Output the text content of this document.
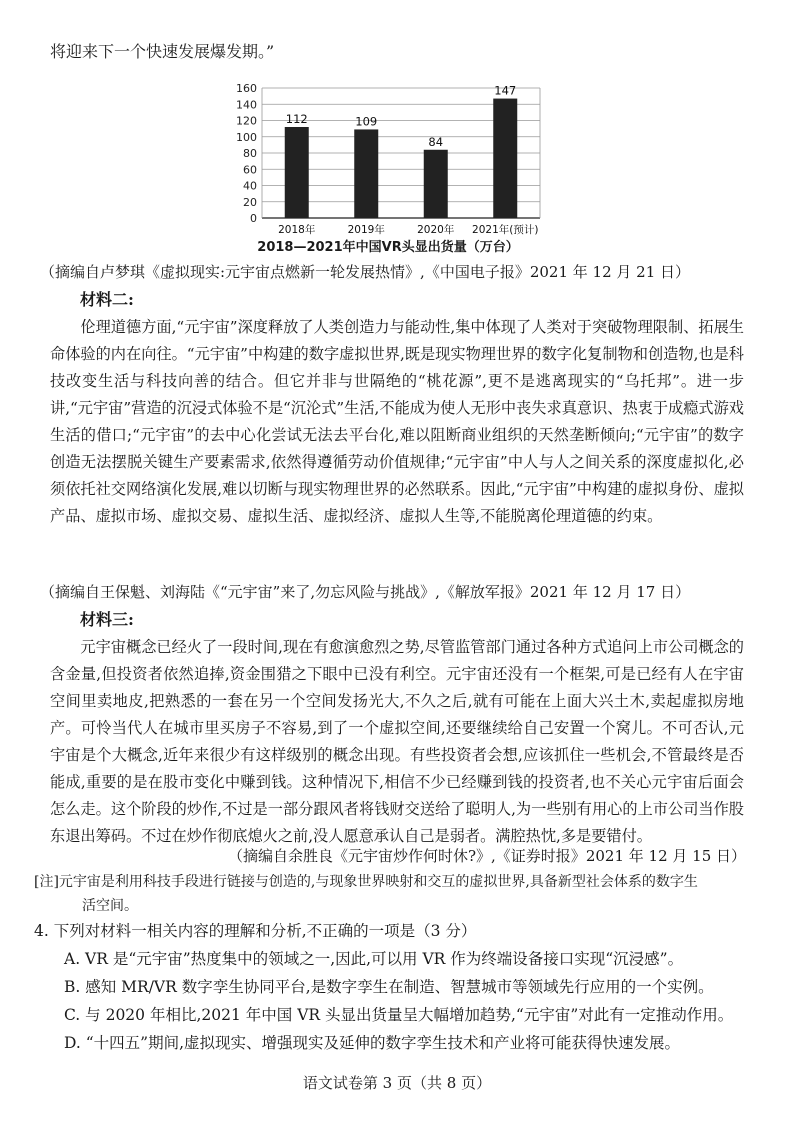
将迎来下一个快速发展爆发期。”
0
20
40
60
80
100
120
140
160
112
2018年
109
2019年
84
2020年
147
2021年(预计)
2018—2021年中国VR头显出货量（万台）
（摘编自卢梦琪《虚拟现实:元宇宙点燃新一轮发展热情》,《中国电子报》2021 年 12 月 21 日）
材料二:

伦理道德方面,“元宇宙”深度释放了人类创造力与能动性,集中体现了人类对于突破物理限制、拓展生命体验的内在向往。“元宇宙”中构建的数字虚拟世界,既是现实物理世界的数字化复制物和创造物,也是科技改变生活与科技向善的结合。但它并非与世隔绝的“桃花源”,更不是逃离现实的“乌托邦”。进一步讲,“元宇宙”营造的沉浸式体验不是“沉沦式”生活,不能成为使人无形中丧失求真意识、热衷于成瘾式游戏生活的借口;“元宇宙”的去中心化尝试无法去平台化,难以阻断商业组织的天然垄断倾向;“元宇宙”的数字创造无法摆脱关键生产要素需求,依然得遵循劳动价值规律;“元宇宙”中人与人之间关系的深度虚拟化,必须依托社交网络演化发展,难以切断与现实物理世界的必然联系。因此,“元宇宙”中构建的虚拟身份、虚拟产品、虚拟市场、虚拟交易、虚拟生活、虚拟经济、虚拟人生等,不能脱离伦理道德的约束。

（摘编自王保魁、刘海陆《“元宇宙”来了,勿忘风险与挑战》,《解放军报》2021 年 12 月 17 日）
材料三:

元宇宙概念已经火了一段时间,现在有愈演愈烈之势,尽管监管部门通过各种方式追问上市公司概念的含金量,但投资者依然追捧,资金围猎之下眼中已没有利空。元宇宙还没有一个框架,可是已经有人在宇宙空间里卖地皮,把熟悉的一套在另一个空间发扬光大,不久之后,就有可能在上面大兴土木,卖起虚拟房地产。可怜当代人在城市里买房子不容易,到了一个虚拟空间,还要继续给自己安置一个窝儿。不可否认,元宇宙是个大概念,近年来很少有这样级别的概念出现。有些投资者会想,应该抓住一些机会,不管最终是否能成,重要的是在股市变化中赚到钱。这种情况下,相信不少已经赚到钱的投资者,也不关心元宇宙后面会怎么走。这个阶段的炒作,不过是一部分跟风者将钱财交送给了聪明人,为一些别有用心的上市公司当作股东退出筹码。不过在炒作彻底熄火之前,没人愿意承认自己是弱者。满腔热忱,多是要错付。

（摘编自余胜良《元宇宙炒作何时休?》,《证券时报》2021 年 12 月 15 日）
[注]元宇宙是利用科技手段进行链接与创造的,与现象世界映射和交互的虚拟世界,具备新型社会体系的数字生
活空间。
4. 下列对材料一相关内容的理解和分析,不正确的一项是（3 分）
A. VR 是“元宇宙”热度集中的领域之一,因此,可以用 VR 作为终端设备接口实现“沉浸感”。
B. 感知 MR/VR 数字孪生协同平台,是数字孪生在制造、智慧城市等领域先行应用的一个实例。
C. 与 2020 年相比,2021 年中国 VR 头显出货量呈大幅增加趋势,“元宇宙”对此有一定推动作用。
D. “十四五”期间,虚拟现实、增强现实及延伸的数字孪生技术和产业将可能获得快速发展。
语文试卷第 3 页（共 8 页）
